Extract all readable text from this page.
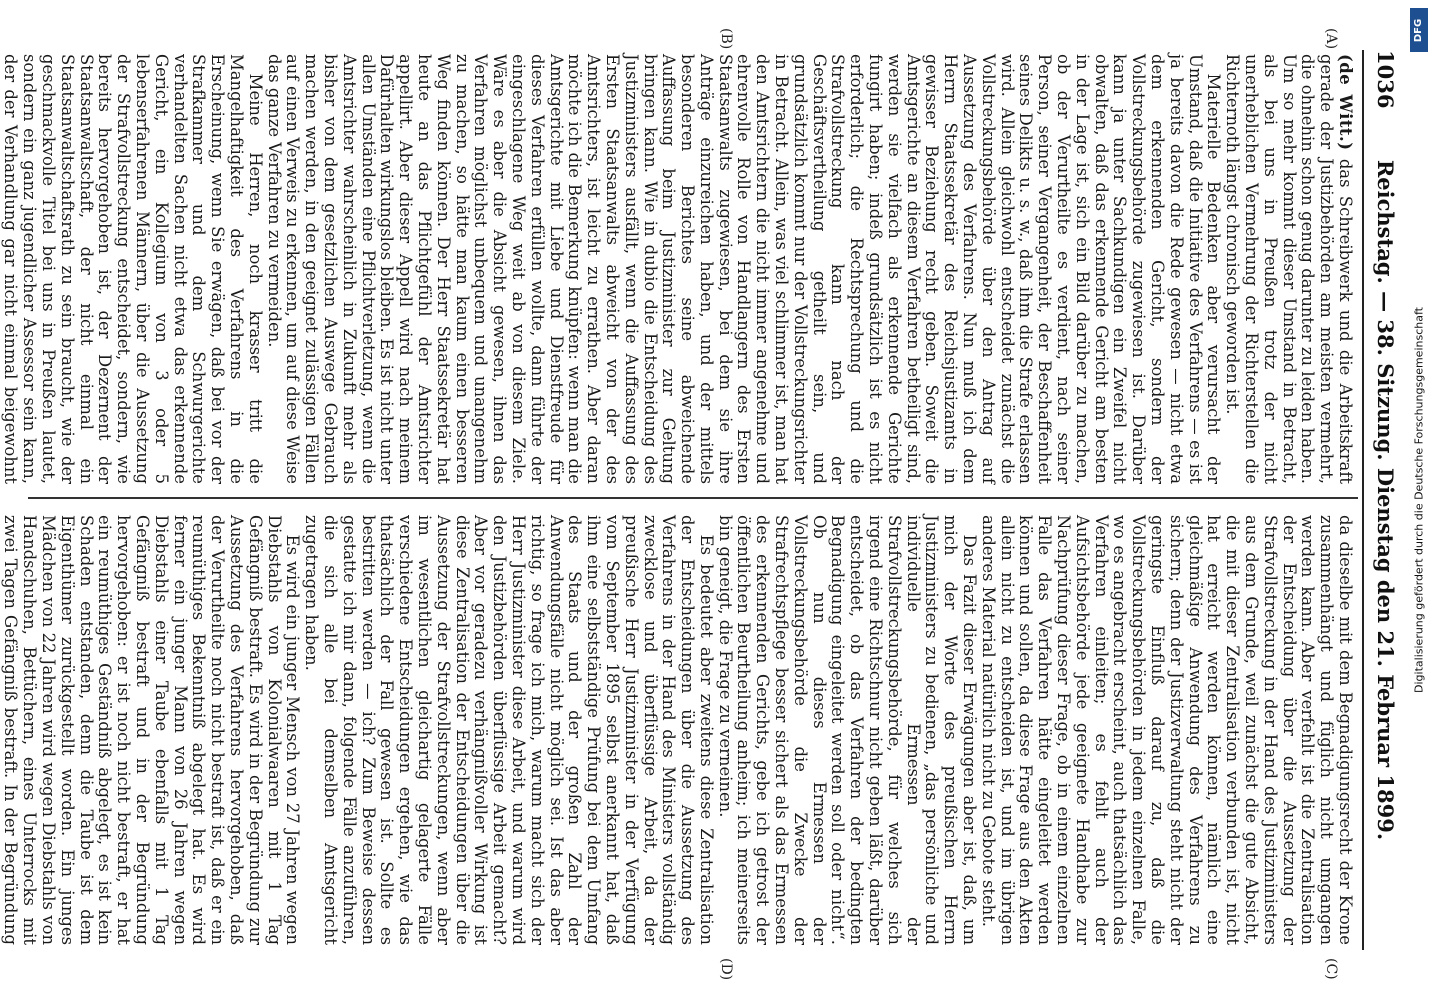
1036
Reichstag. — 38. Sitzung. Dienstag den 21. Februar 1899.
(A)
(B)
(C)
(D)

(de Witt.) das Schreibwerk und die Arbeitskraft gerade der Justizbehörden am meisten vermehrt, die ohnehin schon genug darunter zu leiden haben. Um so mehr kommt dieser Umstand in Betracht, als bei uns in Preußen trotz der nicht unerheblichen Vermehrung der Richterstellen die Richternoth längst chronisch geworden ist.

Materielle Bedenken aber verursacht der Umstand, daß die Initiative des Verfahrens — es ist ja bereits davon die Rede gewesen — nicht etwa dem erkennenden Gericht, sondern der Vollstreckungsbehörde zugewiesen ist. Darüber kann ja unter Sachkundigen ein Zweifel nicht obwalten, daß das erkennende Gericht am besten in der Lage ist, sich ein Bild darüber zu machen, ob der Verurtheilte es verdient, nach seiner Person, seiner Vergangenheit, der Beschaffenheit seines Delikts u. s. w., daß ihm die Strafe erlassen wird. Allein gleichwohl entscheidet zunächst die Vollstreckungsbehörde über den Antrag auf Aussetzung des Verfahrens. Nun muß ich dem Herrn Staatssekretär des Reichsjustizamts in gewisser Beziehung recht geben. Soweit die Amtsgerichte an diesem Verfahren betheiligt sind, werden sie vielfach als erkennende Gerichte fungirt haben; indeß grundsätzlich ist es nicht erforderlich; die Rechtsprechung und die Strafvollstreckung kann nach der Geschäftsvertheilung getheilt sein, und grundsätzlich kommt nur der Vollstreckungsrichter in Betracht. Allein, was viel schlimmer ist, man hat den Amtsrichtern die nicht immer angenehme und ehrenvolle Rolle von Handlangern des Ersten Staatsanwalts zugewiesen, bei dem sie ihre Anträge einzureichen haben, und der mittels besonderen Berichtes seine abweichende Auffassung beim Justizminister zur Geltung bringen kann. Wie in dubio die Entscheidung des Justizministers ausfällt, wenn die Auffassung des Ersten Staatsanwalts abweicht von der des Amtsrichters, ist leicht zu errathen. Aber daran möchte ich die Bemerkung knüpfen: wenn man die Amtsgerichte mit Liebe und Dienstfreude für dieses Verfahren erfüllen wollte, dann führte der eingeschlagene Weg weit ab von diesem Ziele. Wäre es aber die Absicht gewesen, ihnen das Verfahren möglichst unbequem und unangenehm zu machen, so hätte man kaum einen besseren Weg finden können. Der Herr Staatssekretär hat heute an das Pflichtgefühl der Amtsrichter appellirt. Aber dieser Appell wird nach meinem Dafürhalten wirkungslos bleiben. Es ist nicht unter allen Umständen eine Pflichtverletzung, wenn die Amtsrichter wahrscheinlich in Zukunft mehr als bisher von dem gesetzlichen Auswege Gebrauch machen werden, in den geeignet zulässigen Fällen auf einen Verweis zu erkennen, um auf diese Weise das ganze Verfahren zu vermeiden.

Meine Herren, noch krasser tritt die Mangelhaftigkeit des Verfahrens in die Erscheinung, wenn Sie erwägen, daß bei vor der Strafkammer und dem Schwurgerichte verhandelten Sachen nicht etwa das erkennende Gericht, ein Kollegium von 3 oder 5 lebenserfahrenen Männern, über die Aussetzung der Strafvollstreckung entscheidet, sondern, wie bereits hervorgehoben ist, der Dezernent der Staatsanwaltschaft, der nicht einmal ein Staatsanwaltschaftsrath zu sein braucht, wie der geschmackvolle Titel bei uns in Preußen lautet, sondern ein ganz jugendlicher Assessor sein kann, der der Verhandlung gar nicht einmal beigewohnt

da dieselbe mit dem Begnadigungsrecht der Krone zusammenhängt und füglich nicht umgangen werden kann. Aber verfehlt ist die Zentralisation der Entscheidung über die Aussetzung der Strafvollstreckung in der Hand des Justizministers aus dem Grunde, weil zunächst die gute Absicht, die mit dieser Zentralisation verbunden ist, nicht hat erreicht werden können, nämlich eine gleichmäßige Anwendung des Verfahrens zu sichern; denn der Justizverwaltung steht nicht der geringste Einfluß darauf zu, daß die Vollstreckungsbehörden in jedem einzelnen Falle, wo es angebracht erscheint, auch thatsächlich das Verfahren einleiten; es fehlt auch der Aufsichtsbehörde jede geeignete Handhabe zur Nachprüfung dieser Frage, ob in einem einzelnen Falle das Verfahren hätte eingeleitet werden können und sollen, da diese Frage aus den Akten allein nicht zu entscheiden ist, und im übrigen anderes Material natürlich nicht zu Gebote steht.

Das Fazit dieser Erwägungen aber ist, daß, um mich der Worte des preußischen Herrn Justizministers zu bedienen, „das persönliche und individuelle Ermessen der Strafvollstreckungsbehörde, für welches sich irgend eine Richtschnur nicht geben läßt, darüber entscheidet, ob das Verfahren der bedingten Begnadigung eingeleitet werden soll oder nicht“. Ob nun dieses Ermessen der Vollstreckungsbehörde die Zwecke der Strafrechtspflege besser sichert als das Ermessen des erkennenden Gerichts, gebe ich getrost der öffentlichen Beurtheilung anheim; ich meinerseits bin geneigt, die Frage zu verneinen.

Es bedeutet aber zweitens diese Zentralisation der Entscheidungen über die Aussetzung des Verfahrens in der Hand des Ministers vollständig zwecklose und überflüssige Arbeit, da der preußische Herr Justizminister in der Verfügung vom September 1895 selbst anerkannt hat, daß ihm eine selbstständige Prüfung bei dem Umfang des Staats und der großen Zahl der Anwendungsfälle nicht möglich sei. Ist das aber richtig, so frage ich mich, warum macht sich der Herr Justizminister diese Arbeit, und warum wird den Justizbehörden überflüssige Arbeit gemacht? Aber vor geradezu verhängnißvoller Wirkung ist diese Zentralisation der Entscheidungen über die Aussetzung der Strafvollstreckungen, wenn aber im wesentlichen gleichartig gelagerte Fälle verschiedene Entscheidungen ergehen, wie das thatsächlich der Fall gewesen ist. Sollte es bestritten werden — ich? Zum Beweise dessen gestatte ich mir dann, folgende Fälle anzuführen, die sich alle bei demselben Amtsgericht zugetragen haben.

Es wird ein junger Mensch von 27 Jahren wegen Diebstahls von Kolonialwaaren mit 1 Tag Gefängniß bestraft. Es wird in der Begründung zur Aussetzung des Verfahrens hervorgehoben, daß der Verurtheilte noch nicht bestraft ist, daß er ein reumüthiges Bekenntniß abgelegt hat. Es wird ferner ein junger Mann von 26 Jahren wegen Diebstahls einer Taube ebenfalls mit 1 Tag Gefängniß bestraft und in der Begründung hervorgehoben: er ist noch nicht bestraft, er hat ein reumüthiges Geständniß abgelegt, es ist kein Schaden entstanden, denn die Taube ist dem Eigenthümer zurückgestellt worden. Ein junges Mädchen von 22 Jahren wird wegen Diebstahls von Handschuhen, Bettüchern, eines Unterrocks mit zwei Tagen Gefängniß bestraft. In der Begründung

DFG
Digitalisierung gefördert durch die Deutsche Forschungsgemeinschaft
